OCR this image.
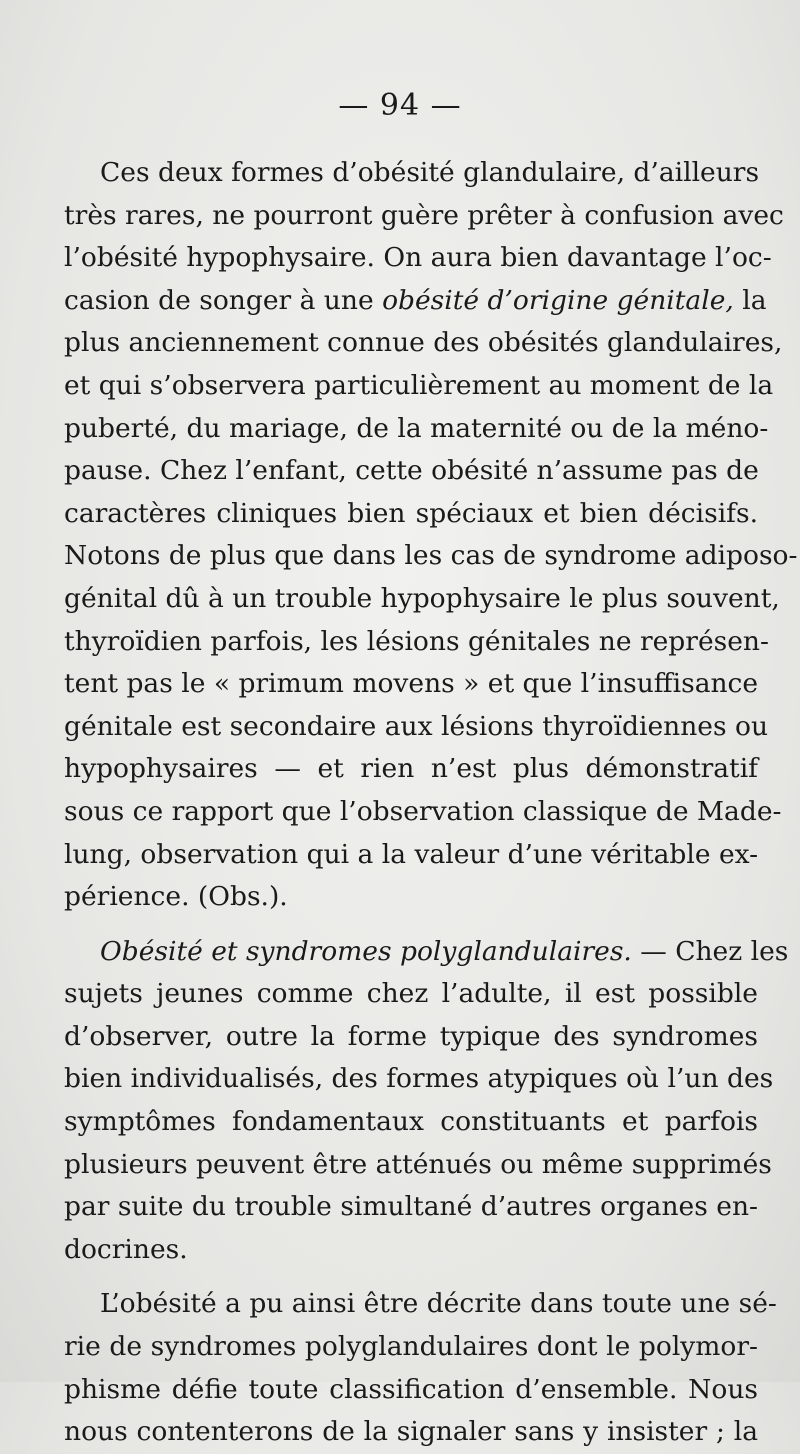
— 94 —
Ces deux formes d’obésité glandulaire, d’ailleurs
très rares, ne pourront guère prêter à confusion avec
l’obésité hypophysaire. On aura bien davantage l’oc-
casion de songer à une obésité d’origine génitale, la
plus anciennement connue des obésités glandulaires,
et qui s’observera particulièrement au moment de la
puberté, du mariage, de la maternité ou de la méno-
pause. Chez l’enfant, cette obésité n’assume pas de
caractères cliniques bien spéciaux et bien décisifs.
Notons de plus que dans les cas de syndrome adiposo-
génital dû à un trouble hypophysaire le plus souvent,
thyroïdien parfois, les lésions génitales ne représen-
tent pas le « primum movens » et que l’insuffisance
génitale est secondaire aux lésions thyroïdiennes ou
hypophysaires — et rien n’est plus démonstratif
sous ce rapport que l’observation classique de Made-
lung, observation qui a la valeur d’une véritable ex-
périence. (Obs.).
Obésité et syndromes polyglandulaires. — Chez les
sujets jeunes comme chez l’adulte, il est possible
d’observer, outre la forme typique des syndromes
bien individualisés, des formes atypiques où l’un des
symptômes fondamentaux constituants et parfois
plusieurs peuvent être atténués ou même supprimés
par suite du trouble simultané d’autres organes en-
docrines.
L’obésité a pu ainsi être décrite dans toute une sé-
rie de syndromes polyglandulaires dont le polymor-
phisme défie toute classification d’ensemble. Nous
nous contenterons de la signaler sans y insister ; la
